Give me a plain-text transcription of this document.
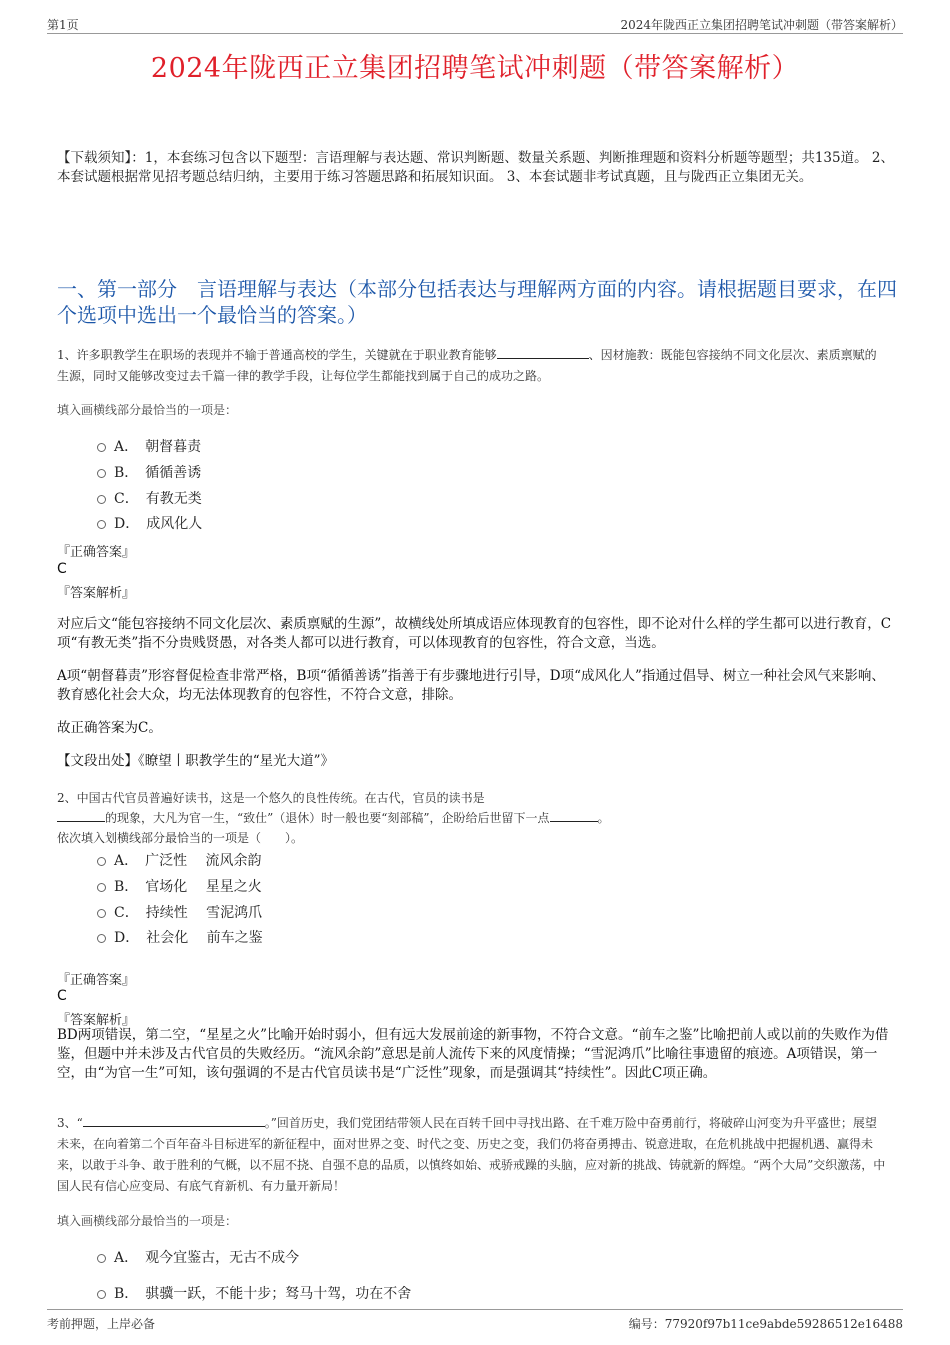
第1页	2024年陇西正立集团招聘笔试冲刺题（带答案解析）
2024年陇西正立集团招聘笔试冲刺题（带答案解析）
【下载须知】：1，本套练习包含以下题型：言语理解与表达题、常识判断题、数量关系题、判断推理题和资料分析题等题型；共135道。 2、本套试题根据常见招考题总结归纳，主要用于练习答题思路和拓展知识面。 3、本套试题非考试真题，且与陇西正立集团无关。
一、第一部分　言语理解与表达（本部分包括表达与理解两方面的内容。请根据题目要求，在四个选项中选出一个最恰当的答案。）
1、许多职教学生在职场的表现并不输于普通高校的学生，关键就在于职业教育能够	、因材施教：既能包容接纳不同文化层次、素质禀赋的生源，同时又能够改变过去千篇一律的教学手段，让每位学生都能找到属于自己的成功之路。
填入画横线部分最恰当的一项是：
A．　朝督暮责
B．　循循善诱
C．　有教无类
D．　成风化人
『正确答案』
C
『答案解析』
对应后文“能包容接纳不同文化层次、素质禀赋的生源”，故横线处所填成语应体现教育的包容性，即不论对什么样的学生都可以进行教育，C项“有教无类”指不分贵贱贤愚，对各类人都可以进行教育，可以体现教育的包容性，符合文意，当选。
A项“朝督暮责”形容督促检查非常严格，B项“循循善诱”指善于有步骤地进行引导，D项“成风化人”指通过倡导、树立一种社会风气来影响、教育感化社会大众，均无法体现教育的包容性，不符合文意，排除。
故正确答案为C。
【文段出处】《瞭望丨职教学生的“星光大道”》
2、中国古代官员普遍好读书，这是一个悠久的良性传统。在古代，官员的读书是
的现象，大凡为官一生，“致仕”（退休）时一般也要“刻部稿”，企盼给后世留下一点	。
依次填入划横线部分最恰当的一项是（　　）。
A．　广泛性　 流风余韵
B．　官场化　 星星之火
C．　持续性　 雪泥鸿爪
D．　社会化　 前车之鉴
『正确答案』
C
『答案解析』
BD两项错误，第二空，“星星之火”比喻开始时弱小，但有远大发展前途的新事物，不符合文意。“前车之鉴”比喻把前人或以前的失败作为借鉴，但题中并未涉及古代官员的失败经历。“流风余韵”意思是前人流传下来的风度情操；“雪泥鸿爪”比喻往事遗留的痕迹。A项错误，第一空，由“为官一生”可知，该句强调的不是古代官员读书是“广泛性”现象，而是强调其“持续性”。因此C项正确。
3、“	。”回首历史，我们党团结带领人民在百转千回中寻找出路、在千难万险中奋勇前行，将破碎山河变为升平盛世；展望未来，在向着第二个百年奋斗目标进军的新征程中，面对世界之变、时代之变、历史之变，我们仍将奋勇搏击、锐意进取，在危机挑战中把握机遇、赢得未来，以敢于斗争、敢于胜利的气概，以不屈不挠、自强不息的品质，以慎终如始、戒骄戒躁的头脑，应对新的挑战、铸就新的辉煌。“两个大局”交织激荡，中国人民有信心应变局、有底气育新机、有力量开新局！
填入画横线部分最恰当的一项是：
A．　观今宜鉴古，无古不成今
B．　骐骥一跃，不能十步；驽马十驾，功在不舍
考前押题，上岸必备	编号：77920f97b11ce9abde59286512e16488
